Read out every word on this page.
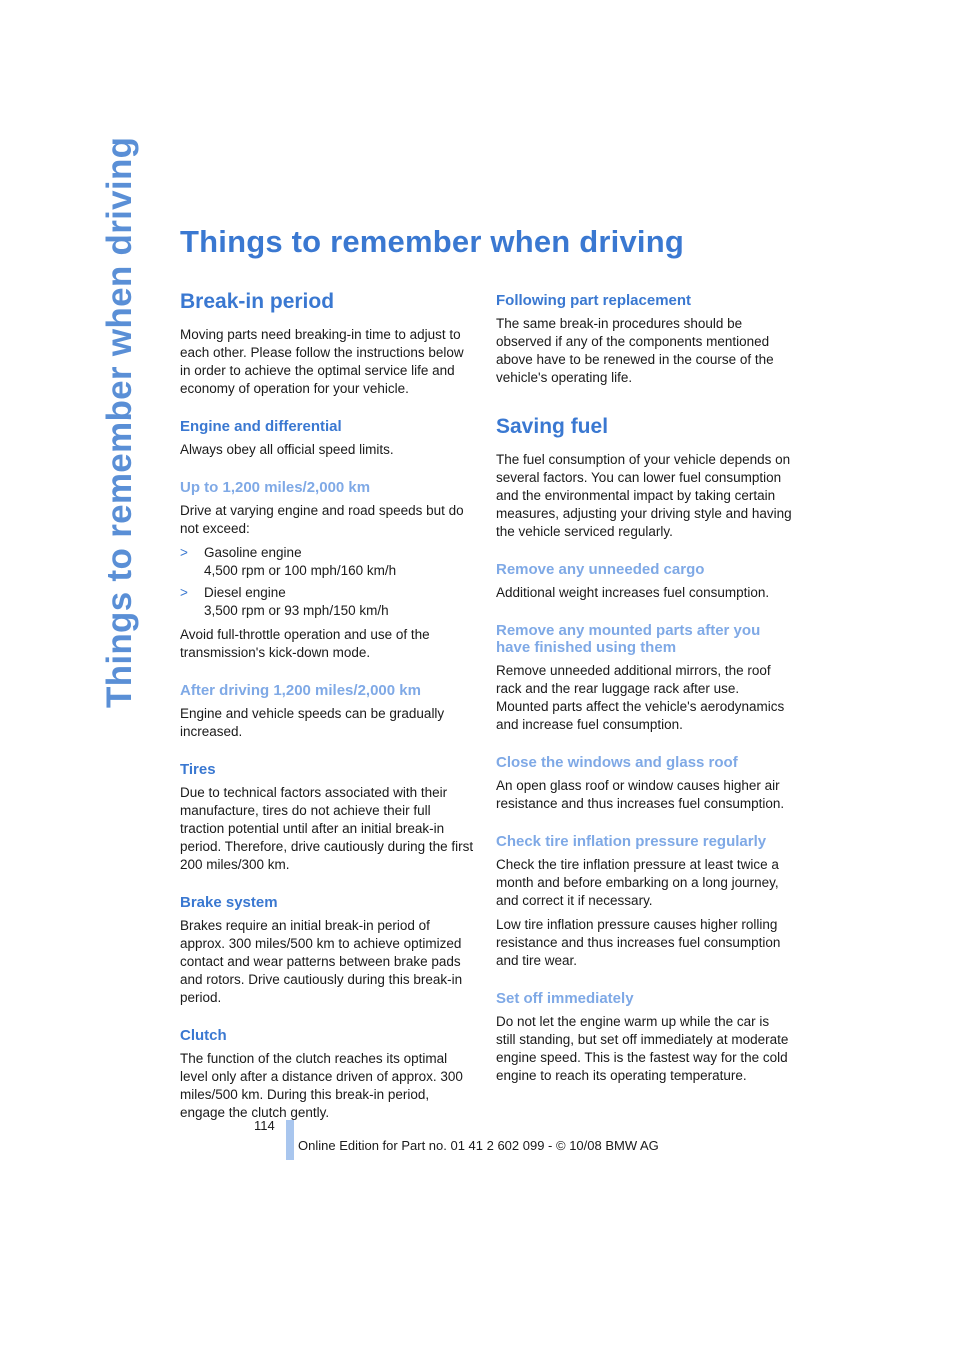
Things to remember when driving Things to remember when driving
Break-in period

Moving parts need breaking-in time to adjust to each other. Please follow the instructions below in order to achieve the optimal service life and economy of operation for your vehicle.

Engine and differential

Always obey all official speed limits.

Up to 1,200 miles/2,000 km

Drive at varying engine and road speeds but do not exceed:

> Gasoline engine
4,500 rpm or 100 mph/160 km/h
> Diesel engine
3,500 rpm or 93 mph/150 km/h

Avoid full-throttle operation and use of the transmission's kick-down mode.

After driving 1,200 miles/2,000 km

Engine and vehicle speeds can be gradually increased.

Tires

Due to technical factors associated with their manufacture, tires do not achieve their full traction potential until after an initial break-in period. Therefore, drive cautiously during the first 200 miles/300 km.

Brake system

Brakes require an initial break-in period of approx. 300 miles/500 km to achieve optimized contact and wear patterns between brake pads and rotors. Drive cautiously during this break-in period.

Clutch

The function of the clutch reaches its optimal level only after a distance driven of approx. 300 miles/500 km. During this break-in period, engage the clutch gently.

Following part replacement

The same break-in procedures should be observed if any of the components mentioned above have to be renewed in the course of the vehicle's operating life.

Saving fuel

The fuel consumption of your vehicle depends on several factors. You can lower fuel consumption and the environmental impact by taking certain measures, adjusting your driving style and having the vehicle serviced regularly.

Remove any unneeded cargo

Additional weight increases fuel consumption.

Remove any mounted parts after you have finished using them

Remove unneeded additional mirrors, the roof rack and the rear luggage rack after use. Mounted parts affect the vehicle's aerodynamics and increase fuel consumption.

Close the windows and glass roof

An open glass roof or window causes higher air resistance and thus increases fuel consumption.

Check tire inflation pressure regularly

Check the tire inflation pressure at least twice a month and before embarking on a long journey, and correct it if necessary.

Low tire inflation pressure causes higher rolling resistance and thus increases fuel consumption and tire wear.

Set off immediately

Do not let the engine warm up while the car is still standing, but set off immediately at moderate engine speed. This is the fastest way for the cold engine to reach its operating temperature.

114
Online Edition for Part no. 01 41 2 602 099 - © 10/08 BMW AG
